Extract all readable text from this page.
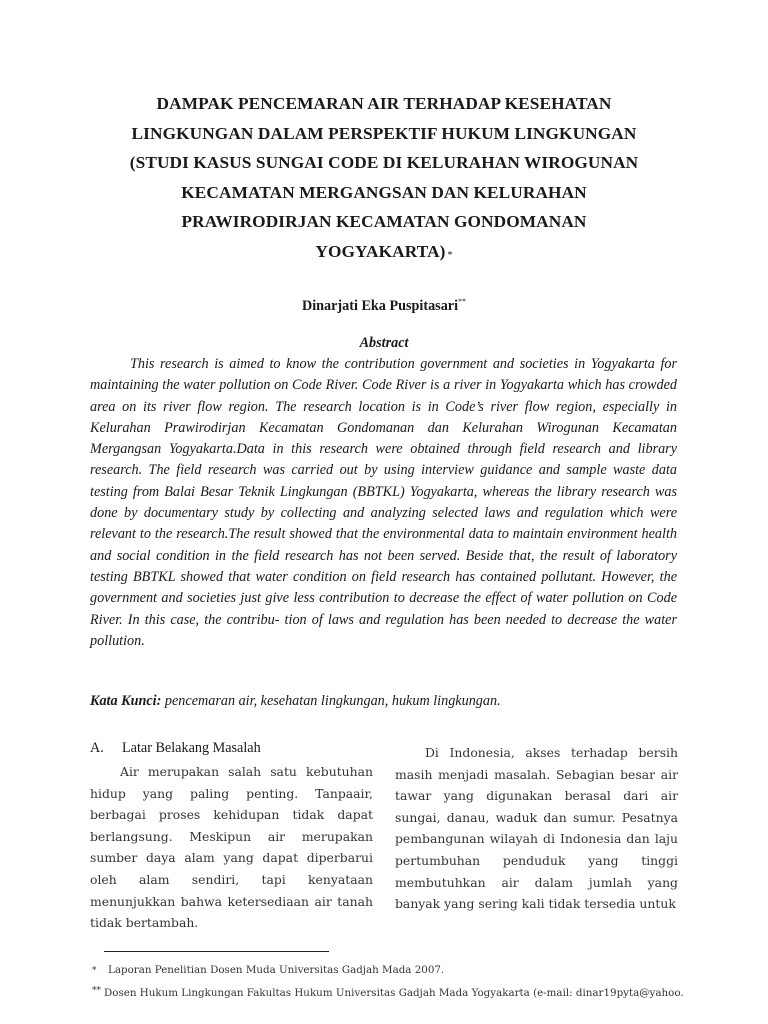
DAMPAK PENCEMARAN AIR TERHADAP KESEHATAN
LINGKUNGAN DALAM PERSPEKTIF HUKUM LINGKUNGAN
(STUDI KASUS SUNGAI CODE DI KELURAHAN WIROGUNAN
KECAMATAN MERGANGSAN DAN KELURAHAN
PRAWIRODIRJAN KECAMATAN GONDOMANAN
YOGYAKARTA) *
Dinarjati Eka Puspitasari**
Abstract

This research is aimed to know the contribution government and societies in Yogyakarta for maintaining the water pollution on Code River. Code River is a river in Yogyakarta which has crowded area on its river flow region. The research location is in Code’s river flow region, especially in Kelurahan Prawirodirjan Kecamatan Gondomanan dan Kelurahan Wirogunan Kecamatan Mergangsan Yogyakarta.Data in this research were obtained through field research and library research. The field research was carried out by using interview guidance and sample waste data testing from Balai Besar Teknik Lingkungan (BBTKL) Yogyakarta, whereas the library research was done by documentary study by collecting and analyzing selected laws and regulation which were relevant to the research.The result showed that the environmental data to maintain environment health and social condition in the field research has not been served. Beside that, the result of laboratory testing BBTKL showed that water condition on field research has contained pollutant. However, the government and societies just give less contribution to decrease the effect of water pollution on Code River. In this case, the contribu- tion of laws and regulation has been needed to decrease the water pollution.

Kata Kunci: pencemaran air, kesehatan lingkungan, hukum lingkungan.
A.	Latar Belakang Masalah

Air merupakan salah satu kebutuhan hidup yang paling penting. Tanpaair, berbagai proses kehidupan tidak dapat berlangsung. Meskipun air merupakan sumber daya alam yang dapat diperbarui oleh alam sendiri, tapi kenyataan menunjukkan bahwa ketersediaan air tanah tidak bertambah.

Di Indonesia, akses terhadap bersih masih menjadi masalah. Sebagian besar air tawar yang digunakan berasal dari air sungai, danau, waduk dan sumur. Pesatnya pembangunan wilayah di Indonesia dan laju pertumbuhan penduduk yang tinggi membutuhkan air dalam jumlah yang banyak yang sering kali tidak tersedia untuk

* Laporan Penelitian Dosen Muda Universitas Gadjah Mada 2007.
** Dosen Hukum Lingkungan Fakultas Hukum Universitas Gadjah Mada Yogyakarta (e-mail: dinar19pyta@yahoo.
